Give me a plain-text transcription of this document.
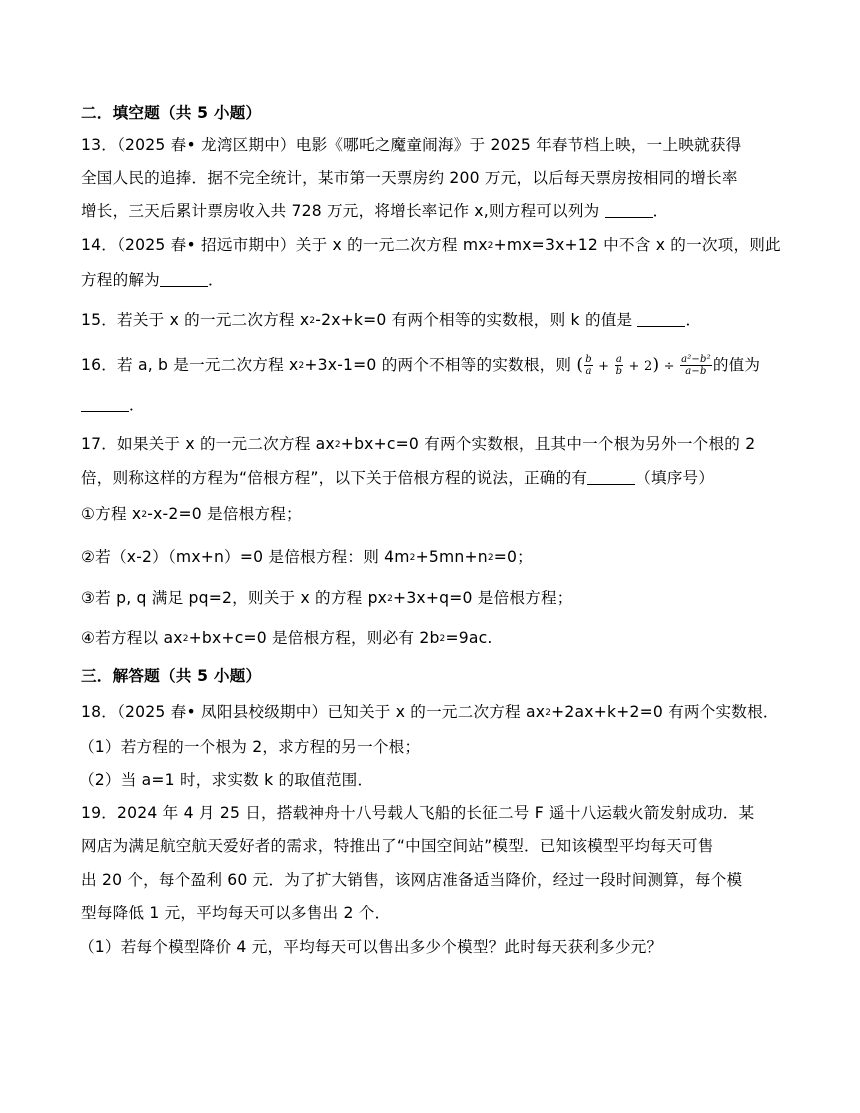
二．填空题（共 5 小题）
13．（2025 春• 龙湾区期中）电影《哪吒之魔童闹海》于 2025 年春节档上映，一上映就获得
全国人民的追捧．据不完全统计，某市第一天票房约 200 万元，以后每天票房按相同的增长率
增长，三天后累计票房收入共 728 万元，将增长率记作 x,则方程可以列为	．
14．（2025 春• 招远市期中）关于 x 的一元二次方程 $mx^2+mx=3x+12$ 中不含 x 的一次项，则此
方程的解为	．
15．若关于 x 的一元二次方程 $x^2-2x+k=0$ 有两个相等的实数根，则 k 的值是	．
16．若 a, b 是一元二次方程 $x^2+3x-1=0$ 的两个不相等的实数根，则 ( $\frac{b}{a} + \frac{a}{b} + 2) \div \frac{\text{a²−b²}}{a-b}$ 的值为
．
17．如果关于 x 的一元二次方程 $ax^2+bx+c=0$ 有两个实数根，且其中一个根为另外一个根的 2
倍，则称这样的方程为“倍根方程”，以下关于倍根方程的说法，正确的有	（填序号）
①方程 $x^2-x-2=0$ 是倍根方程；
②若（x-2）（mx+n）=0 是倍根方程：则 $4m^2+5mn+n^2=0$；
③若 p, q 满足 pq=2，则关于 x 的方程 $px^2+3x+q=0$ 是倍根方程；
④若方程以 $ax^2+bx+c=0$ 是倍根方程，则必有 $2b^2=9ac$.
三．解答题（共 5 小题）
18．（2025 春• 凤阳县校级期中）已知关于 x 的一元二次方程 $ax^2+2ax+k+2=0$ 有两个实数根．
（1）若方程的一个根为 2，求方程的另一个根；
（2）当 a=1 时，求实数 k 的取值范围．
19．2024 年 4 月 25 日，搭载神舟十八号载人飞船的长征二号 F 遥十八运载火箭发射成功．某
网店为满足航空航天爱好者的需求，特推出了“中国空间站”模型．已知该模型平均每天可售
出 20 个，每个盈利 60 元．为了扩大销售，该网店准备适当降价，经过一段时间测算，每个模
型每降低 1 元，平均每天可以多售出 2 个．
（1）若每个模型降价 4 元，平均每天可以售出多少个模型？此时每天获利多少元？
